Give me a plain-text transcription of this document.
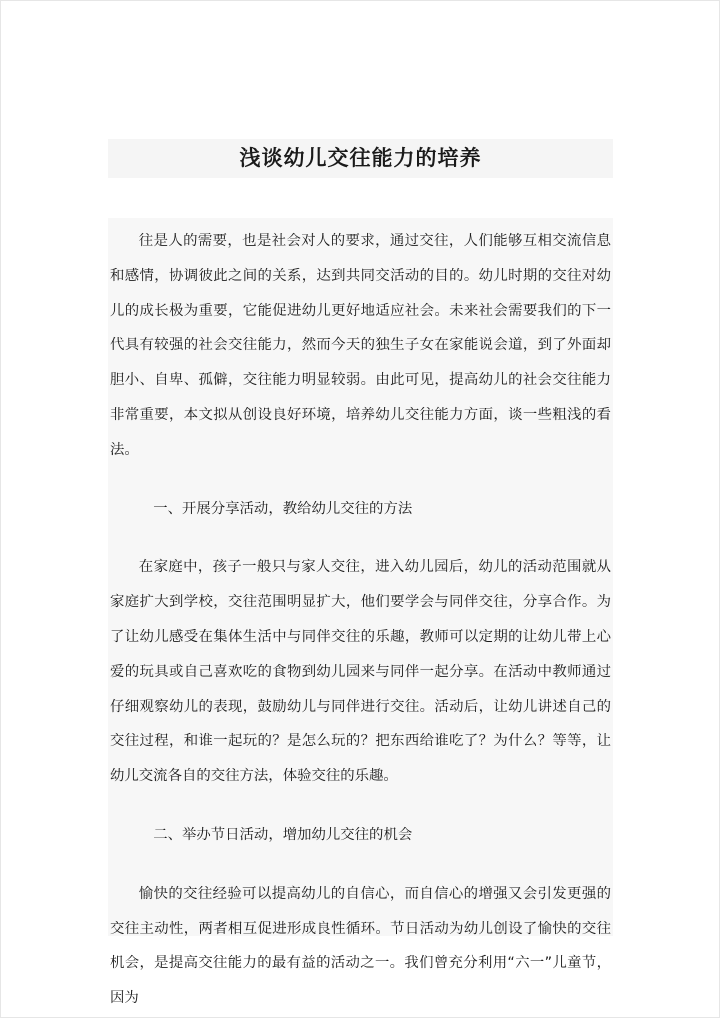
浅谈幼儿交往能力的培养

往是人的需要，也是社会对人的要求，通过交往，人们能够互相交流信息和感情，协调彼此之间的关系，达到共同交活动的目的。幼儿时期的交往对幼儿的成长极为重要，它能促进幼儿更好地适应社会。未来社会需要我们的下一代具有较强的社会交往能力，然而今天的独生子女在家能说会道，到了外面却胆小、自卑、孤僻，交往能力明显较弱。由此可见，提高幼儿的社会交往能力非常重要，本文拟从创设良好环境，培养幼儿交往能力方面，谈一些粗浅的看法。

一、开展分享活动，教给幼儿交往的方法

在家庭中，孩子一般只与家人交往，进入幼儿园后，幼儿的活动范围就从家庭扩大到学校，交往范围明显扩大，他们要学会与同伴交往，分享合作。为了让幼儿感受在集体生活中与同伴交往的乐趣，教师可以定期的让幼儿带上心爱的玩具或自己喜欢吃的食物到幼儿园来与同伴一起分享。在活动中教师通过仔细观察幼儿的表现，鼓励幼儿与同伴进行交往。活动后，让幼儿讲述自己的交往过程，和谁一起玩的？是怎么玩的？把东西给谁吃了？为什么？等等，让幼儿交流各自的交往方法，体验交往的乐趣。

二、举办节日活动，增加幼儿交往的机会

愉快的交往经验可以提高幼儿的自信心，而自信心的增强又会引发更强的交往主动性，两者相互促进形成良性循环。节日活动为幼儿创设了愉快的交往机会，是提高交往能力的最有益的活动之一。我们曾充分利用“六一”儿童节，因为
